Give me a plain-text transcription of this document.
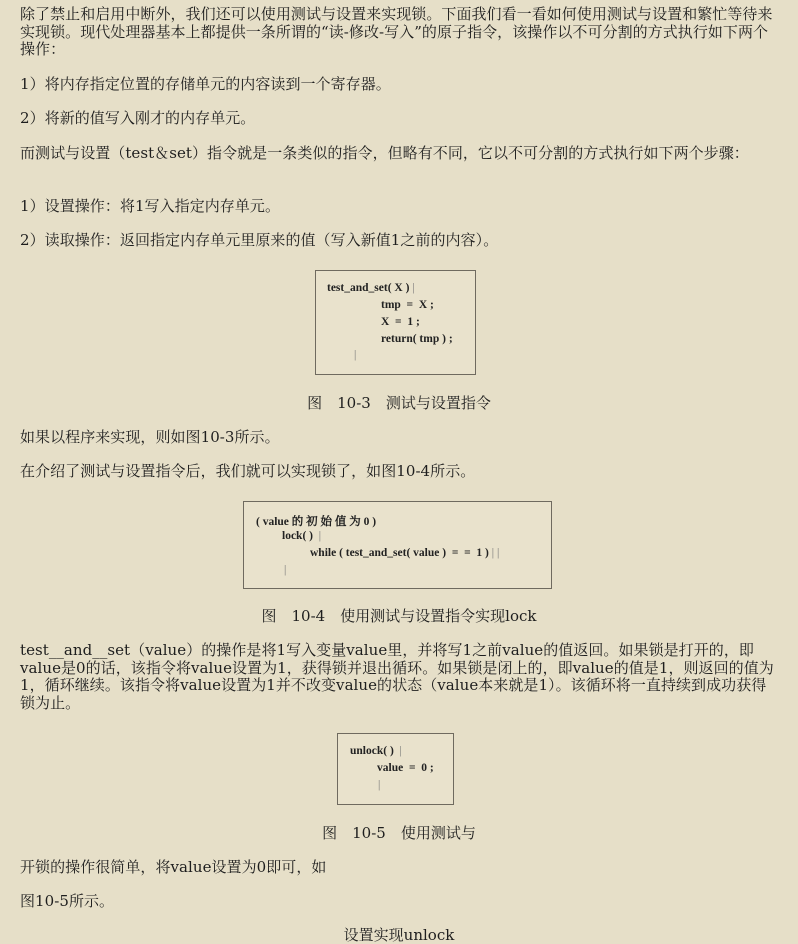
除了禁止和启用中断外，我们还可以使用测试与设置来实现锁。下面我们看一看如何使用测试与设置和繁忙等待来实现锁。现代处理器基本上都提供一条所谓的“读-修改-写入”的原子指令，该操作以不可分割的方式执行如下两个操作：

1）将内存指定位置的存储单元的内容读到一个寄存器。

2）将新的值写入刚才的内存单元。

而测试与设置（test＆set）指令就是一条类似的指令，但略有不同，它以不可分割的方式执行如下两个步骤：

1）设置操作：将1写入指定内存单元。

2）读取操作：返回指定内存单元里原来的值（写入新值1之前的内容）。

test_and_set( X ) |
tmp  =  X ;
X  =  1 ;
return( tmp ) ;
|

图　10-3　测试与设置指令

如果以程序来实现，则如图10-3所示。

在介绍了测试与设置指令后，我们就可以实现锁了，如图10-4所示。

( value 的 初 始 值 为 0 )
lock( )  |
while ( test_and_set( value )  =  =  1 ) | |
|

图　10-4　使用测试与设置指令实现lock

test__and__set（value）的操作是将1写入变量value里，并将写1之前value的值返回。如果锁是打开的，即value是0的话，该指令将value设置为1，获得锁并退出循环。如果锁是闭上的，即value的值是1，则返回的值为1，循环继续。该指令将value设置为1并不改变value的状态（value本来就是1）。该循环将一直持续到成功获得锁为止。

unlock( )  |
value  =  0 ;
|

图　10-5　使用测试与

开锁的操作很简单，将value设置为0即可，如

图10-5所示。

设置实现unlock
